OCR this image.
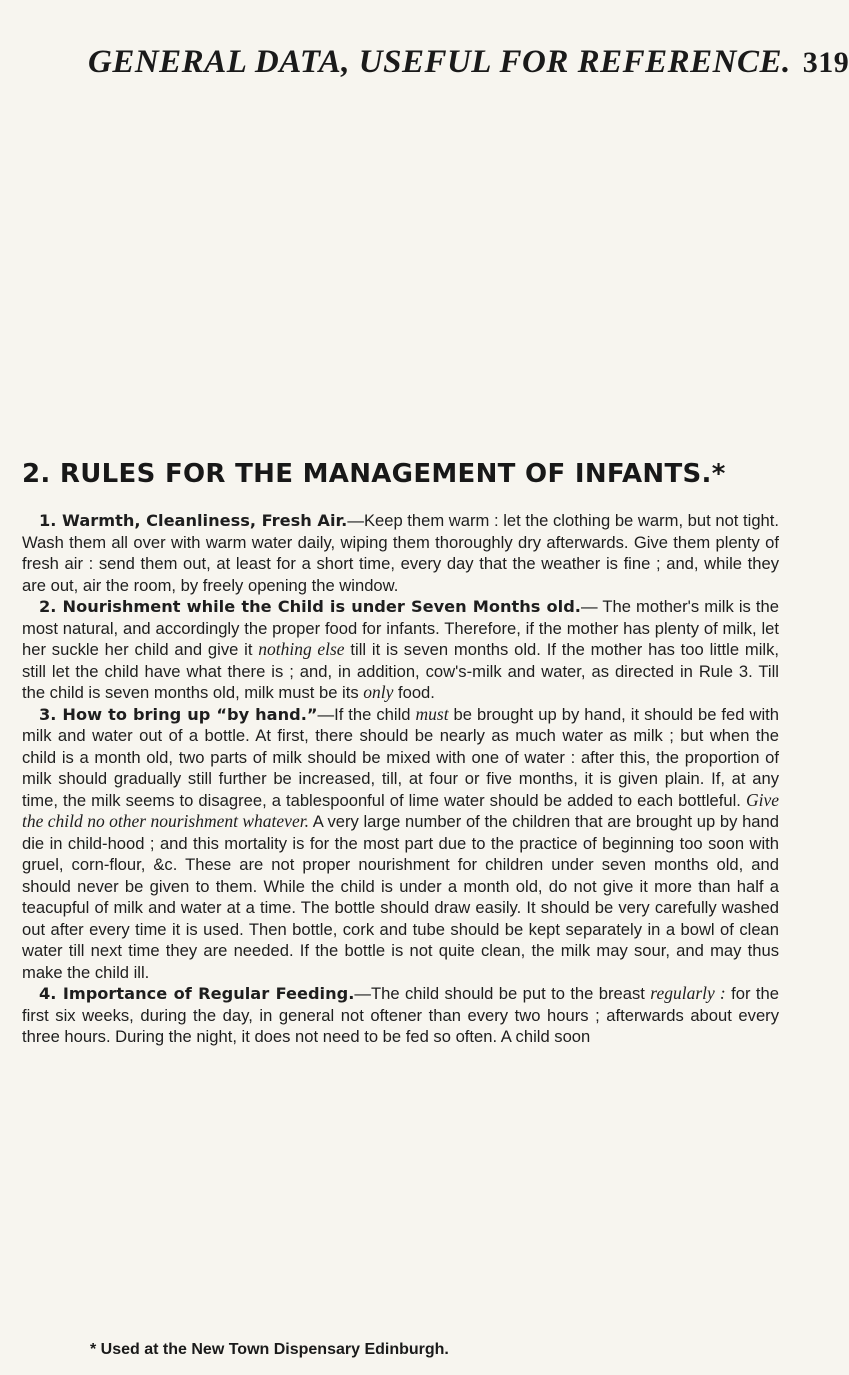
GENERAL DATA, USEFUL FOR REFERENCE. 319
2. RULES FOR THE MANAGEMENT OF INFANTS.*

1. Warmth, Cleanliness, Fresh Air.—Keep them warm : let the clothing be warm, but not tight. Wash them all over with warm water daily, wiping them thoroughly dry afterwards. Give them plenty of fresh air : send them out, at least for a short time, every day that the weather is fine ; and, while they are out, air the room, by freely opening the window.

2. Nourishment while the Child is under Seven Months old.— The mother's milk is the most natural, and accordingly the proper food for infants. Therefore, if the mother has plenty of milk, let her suckle her child and give it nothing else till it is seven months old. If the mother has too little milk, still let the child have what there is ; and, in addition, cow's-milk and water, as directed in Rule 3. Till the child is seven months old, milk must be its only food.

3. How to bring up “by hand.”—If the child must be brought up by hand, it should be fed with milk and water out of a bottle. At first, there should be nearly as much water as milk ; but when the child is a month old, two parts of milk should be mixed with one of water : after this, the proportion of milk should gradually still further be increased, till, at four or five months, it is given plain. If, at any time, the milk seems to disagree, a tablespoonful of lime water should be added to each bottleful. Give the child no other nourishment whatever. A very large number of the children that are brought up by hand die in child-hood ; and this mortality is for the most part due to the practice of beginning too soon with gruel, corn-flour, &c. These are not proper nourishment for children under seven months old, and should never be given to them. While the child is under a month old, do not give it more than half a teacupful of milk and water at a time. The bottle should draw easily. It should be very carefully washed out after every time it is used. Then bottle, cork and tube should be kept separately in a bowl of clean water till next time they are needed. If the bottle is not quite clean, the milk may sour, and may thus make the child ill.

4. Importance of Regular Feeding.—The child should be put to the breast regularly : for the first six weeks, during the day, in general not oftener than every two hours ; afterwards about every three hours. During the night, it does not need to be fed so often. A child soon

* Used at the New Town Dispensary Edinburgh.
